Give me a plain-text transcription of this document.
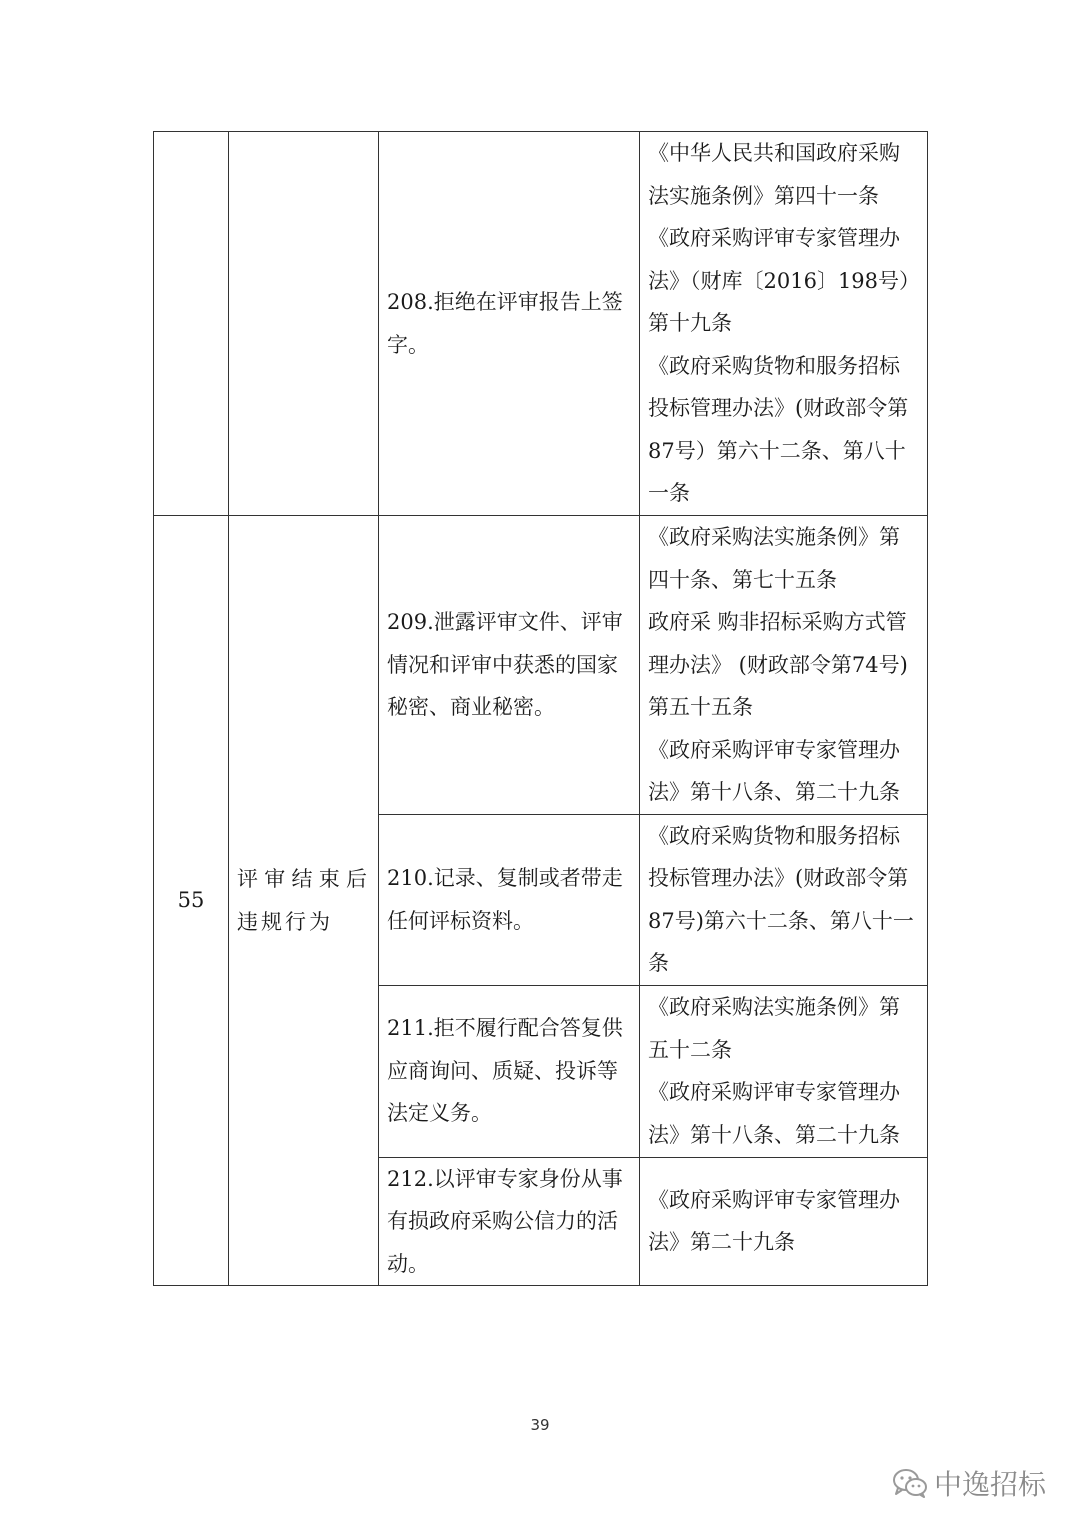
		208.拒绝在评审报告上签字。	《中华人民共和国政府采购法实施条例》第四十一条
《政府采购评审专家管理办法》（财库〔2016〕198号）第十九条
《政府采购货物和服务招标投标管理办法》(财政部令第87号）第六十二条、第八十一条

55	评审结束后违规行为	209.泄露评审文件、评审情况和评审中获悉的国家秘密、商业秘密。	《政府采购法实施条例》第四十条、第七十五条
政府采 购非招标采购方式管理办法》 (财政部令第74号)第五十五条
《政府采购评审专家管理办法》第十八条、第二十九条

		210.记录、复制或者带走任何评标资料。	《政府采购货物和服务招标投标管理办法》(财政部令第87号)第六十二条、第八十一条

		211.拒不履行配合答复供应商询问、质疑、投诉等法定义务。	《政府采购法实施条例》第五十二条
《政府采购评审专家管理办法》第十八条、第二十九条

		212.以评审专家身份从事有损政府采购公信力的活动。	《政府采购评审专家管理办法》第二十九条
39
中逸招标
